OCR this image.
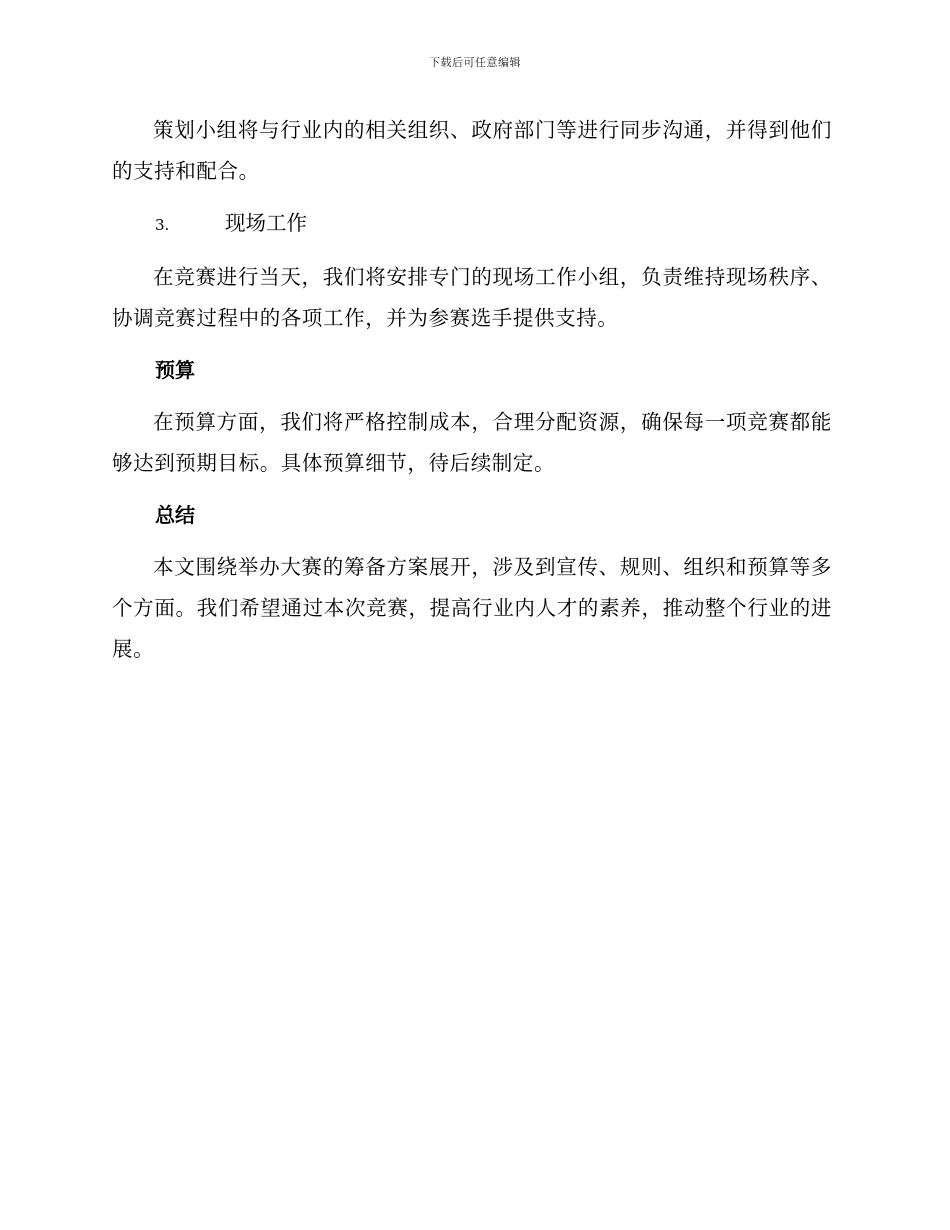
下载后可任意编辑

策划小组将与行业内的相关组织、政府部门等进行同步沟通，并得到他们的支持和配合。

3.	现场工作

在竞赛进行当天，我们将安排专门的现场工作小组，负责维持现场秩序、协调竞赛过程中的各项工作，并为参赛选手提供支持。

预算

在预算方面，我们将严格控制成本，合理分配资源，确保每一项竞赛都能够达到预期目标。具体预算细节，待后续制定。

总结

本文围绕举办大赛的筹备方案展开，涉及到宣传、规则、组织和预算等多个方面。我们希望通过本次竞赛，提高行业内人才的素养，推动整个行业的进展。
